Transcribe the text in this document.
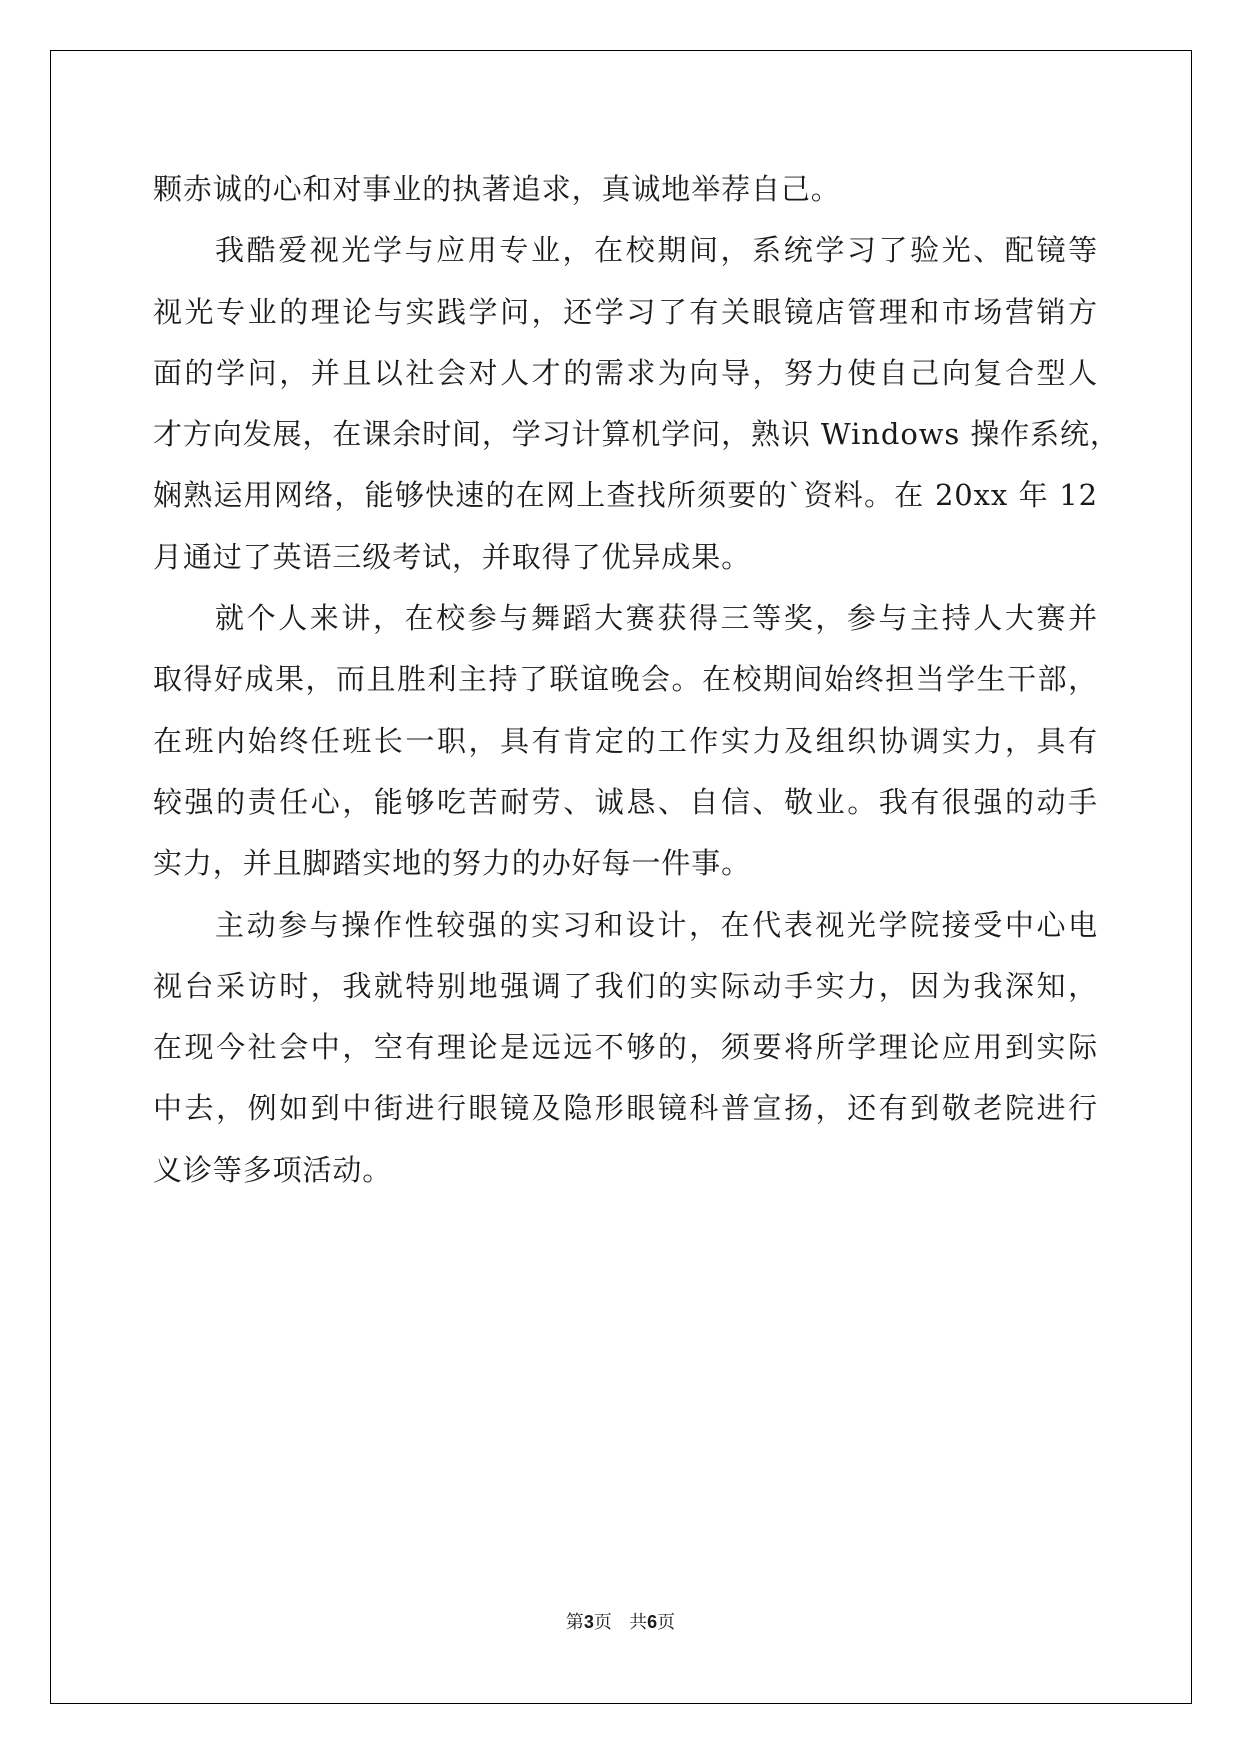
颗赤诚的心和对事业的执著追求，真诚地举荐自己。
我酷爱视光学与应用专业，在校期间，系统学习了验光、配镜等
视光专业的理论与实践学问，还学习了有关眼镜店管理和市场营销方
面的学问，并且以社会对人才的需求为向导，努力使自己向复合型人
才方向发展，在课余时间，学习计算机学问，熟识 Windows 操作系统，
娴熟运用网络，能够快速的在网上查找所须要的`资料。在 20xx 年 12
月通过了英语三级考试，并取得了优异成果。
就个人来讲，在校参与舞蹈大赛获得三等奖，参与主持人大赛并
取得好成果，而且胜利主持了联谊晚会。在校期间始终担当学生干部，
在班内始终任班长一职，具有肯定的工作实力及组织协调实力，具有
较强的责任心，能够吃苦耐劳、诚恳、自信、敬业。我有很强的动手
实力，并且脚踏实地的努力的办好每一件事。
主动参与操作性较强的实习和设计，在代表视光学院接受中心电
视台采访时，我就特别地强调了我们的实际动手实力，因为我深知，
在现今社会中，空有理论是远远不够的，须要将所学理论应用到实际
中去，例如到中街进行眼镜及隐形眼镜科普宣扬，还有到敬老院进行
义诊等多项活动。
第3页 共6页
